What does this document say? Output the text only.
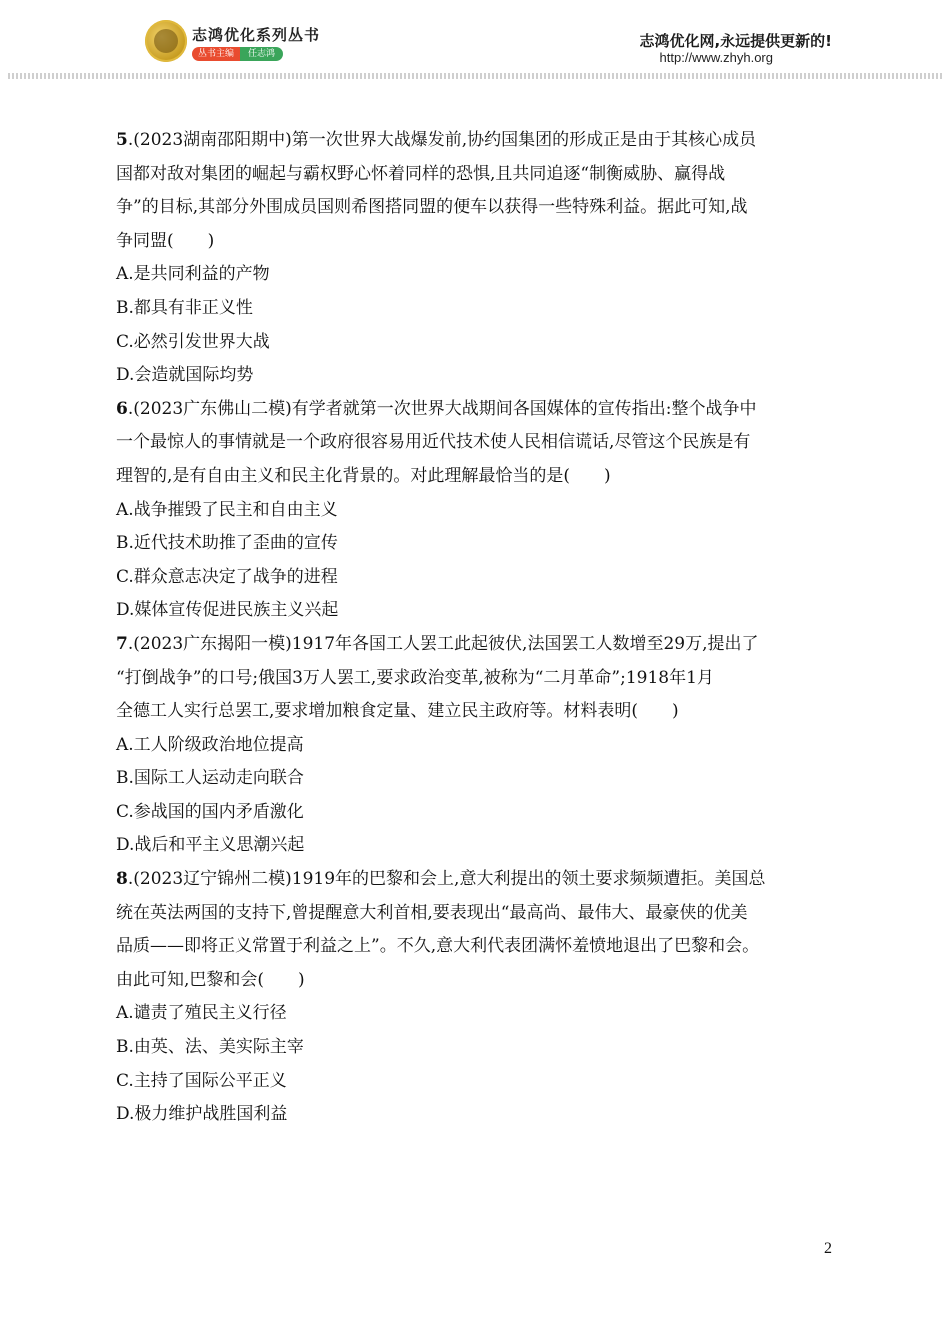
志鸿优化系列丛书
丛书主编	任志鸿
志鸿优化网,永远提供更新的!
http://www.zhyh.org
5.(2023湖南邵阳期中)第一次世界大战爆发前,协约国集团的形成正是由于其核心成员
国都对敌对集团的崛起与霸权野心怀着同样的恐惧,且共同追逐“制衡威胁、赢得战
争”的目标,其部分外围成员国则希图搭同盟的便车以获得一些特殊利益。据此可知,战
争同盟(　　)
A.是共同利益的产物
B.都具有非正义性
C.必然引发世界大战
D.会造就国际均势
6.(2023广东佛山二模)有学者就第一次世界大战期间各国媒体的宣传指出:整个战争中
一个最惊人的事情就是一个政府很容易用近代技术使人民相信谎话,尽管这个民族是有
理智的,是有自由主义和民主化背景的。对此理解最恰当的是(　　)
A.战争摧毁了民主和自由主义
B.近代技术助推了歪曲的宣传
C.群众意志决定了战争的进程
D.媒体宣传促进民族主义兴起
7.(2023广东揭阳一模)1917年各国工人罢工此起彼伏,法国罢工人数增至29万,提出了
“打倒战争”的口号;俄国3万人罢工,要求政治变革,被称为“二月革命”;1918年1月
全德工人实行总罢工,要求增加粮食定量、建立民主政府等。材料表明(　　)
A.工人阶级政治地位提高
B.国际工人运动走向联合
C.参战国的国内矛盾激化
D.战后和平主义思潮兴起
8.(2023辽宁锦州二模)1919年的巴黎和会上,意大利提出的领土要求频频遭拒。美国总
统在英法两国的支持下,曾提醒意大利首相,要表现出“最高尚、最伟大、最豪侠的优美
品质——即将正义常置于利益之上”。不久,意大利代表团满怀羞愤地退出了巴黎和会。
由此可知,巴黎和会(　　)
A.谴责了殖民主义行径
B.由英、法、美实际主宰
C.主持了国际公平正义
D.极力维护战胜国利益
2
